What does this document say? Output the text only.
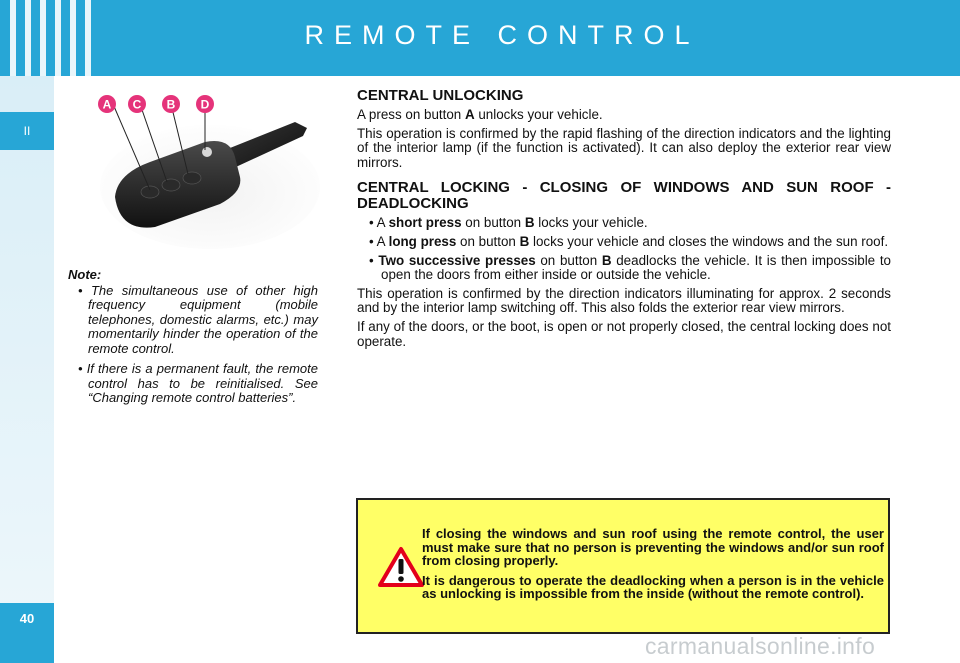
REMOTE CONTROL
II
40
A C B D
Note:
• The simultaneous use of other high frequency equipment (mobile telephones, domestic alarms, etc.) may momentarily hinder the operation of the remote control.
• If there is a permanent fault, the remote control has to be reinitialised. See “Changing remote control batteries”.
CENTRAL UNLOCKING

A press on button A unlocks your vehicle.

This operation is confirmed by the rapid flashing of the direction indicators and the lighting of the interior lamp (if the function is activated). It can also deploy the exterior rear view mirrors.

CENTRAL LOCKING - CLOSING OF WINDOWS AND SUN ROOF - DEADLOCKING

• A short press on button B locks your vehicle.

• A long press on button B locks your vehicle and closes the windows and the sun roof.

• Two successive presses on button B deadlocks the vehicle. It is then impossible to open the doors from either inside or outside the vehicle.

This operation is confirmed by the direction indicators illuminating for approx. 2 seconds and by the interior lamp switching off. This also folds the exterior rear view mirrors.

If any of the doors, or the boot, is open or not properly closed, the central locking does not operate.

If closing the windows and sun roof using the remote control, the user must make sure that no person is preventing the windows and/or sun roof from closing properly.

It is dangerous to operate the deadlocking when a person is in the vehicle as unlocking is impossible from the inside (without the remote control).

carmanualsonline.info
